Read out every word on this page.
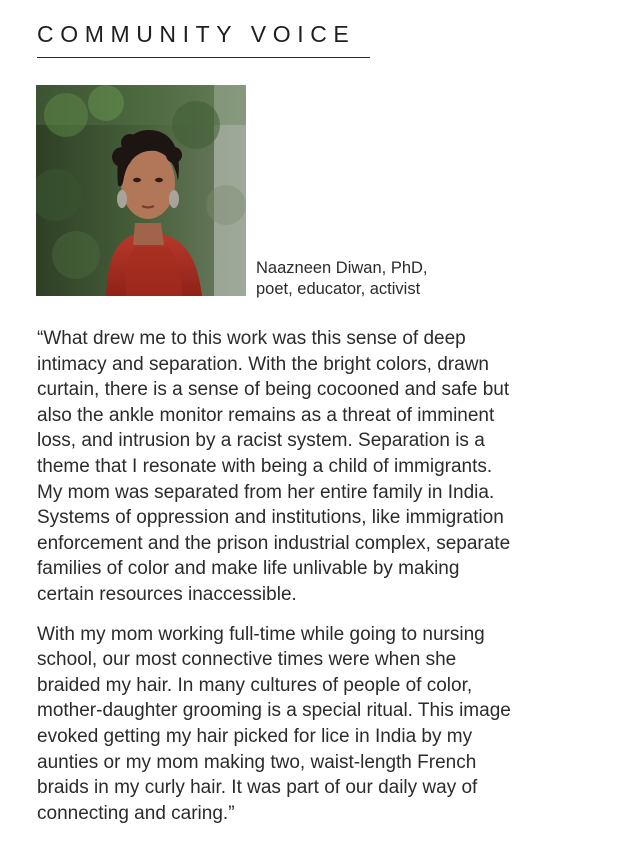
COMMUNITY VOICE
Naazneen Diwan, PhD,
poet, educator, activist
“What drew me to this work was this sense of deep
intimacy and separation. With the bright colors, drawn
curtain, there is a sense of being cocooned and safe but
also the ankle monitor remains as a threat of imminent
loss, and intrusion by a racist system. Separation is a
theme that I resonate with being a child of immigrants.
My mom was separated from her entire family in India.
Systems of oppression and institutions, like immigration
enforcement and the prison industrial complex, separate
families of color and make life unlivable by making
certain resources inaccessible.
With my mom working full-time while going to nursing
school, our most connective times were when she
braided my hair. In many cultures of people of color,
mother-daughter grooming is a special ritual. This image
evoked getting my hair picked for lice in India by my
aunties or my mom making two, waist-length French
braids in my curly hair. It was part of our daily way of
connecting and caring.”
